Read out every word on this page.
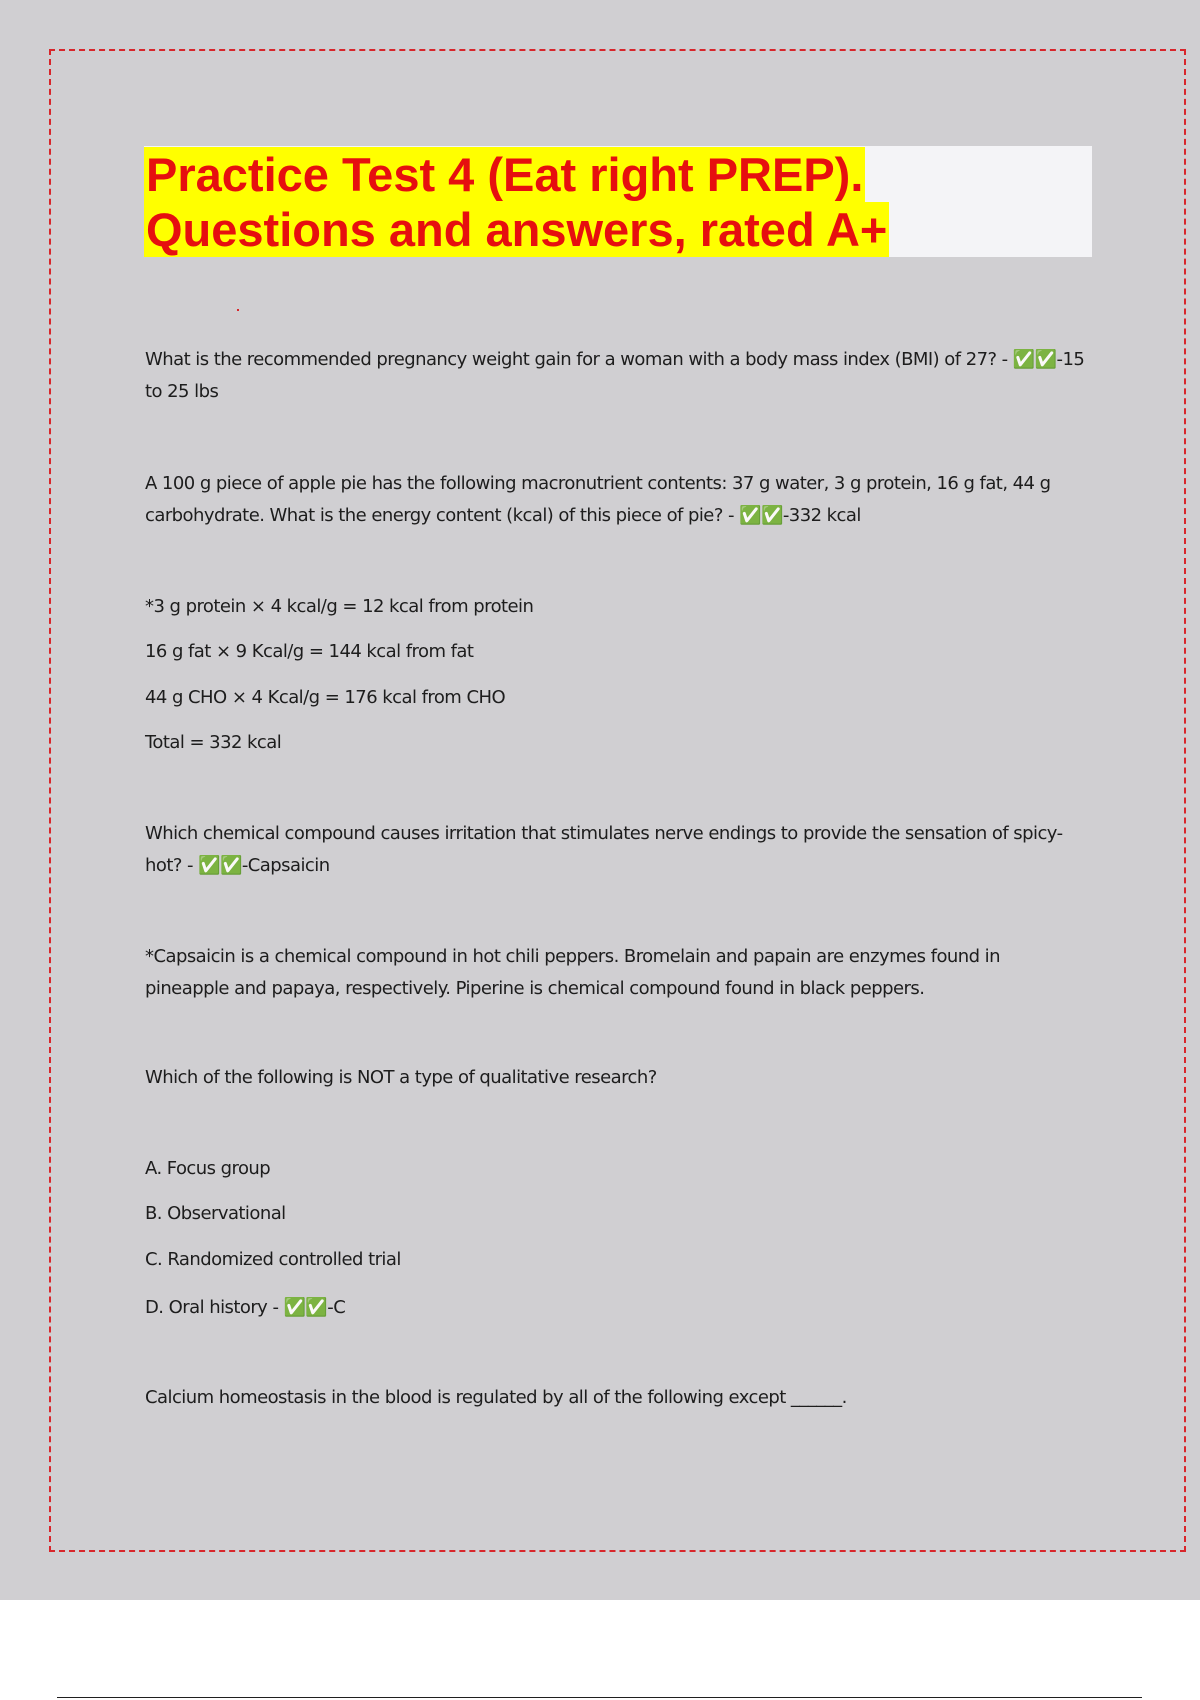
Practice Test 4 (Eat right PREP).
Questions and answers, rated A+
What is the recommended pregnancy weight gain for a woman with a body mass index (BMI) of 27? - ✅✅-15 to 25 lbs
A 100 g piece of apple pie has the following macronutrient contents: 37 g water, 3 g protein, 16 g fat, 44 g carbohydrate. What is the energy content (kcal) of this piece of pie? - ✅✅-332 kcal
*3 g protein × 4 kcal/g = 12 kcal from protein
16 g fat × 9 Kcal/g = 144 kcal from fat
44 g CHO × 4 Kcal/g = 176 kcal from CHO
Total = 332 kcal
Which chemical compound causes irritation that stimulates nerve endings to provide the sensation of spicy-hot? - ✅✅-Capsaicin
*Capsaicin is a chemical compound in hot chili peppers. Bromelain and papain are enzymes found in pineapple and papaya, respectively. Piperine is chemical compound found in black peppers.
Which of the following is NOT a type of qualitative research?
A. Focus group
B. Observational
C. Randomized controlled trial
D. Oral history - ✅✅-C
Calcium homeostasis in the blood is regulated by all of the following except ______.
